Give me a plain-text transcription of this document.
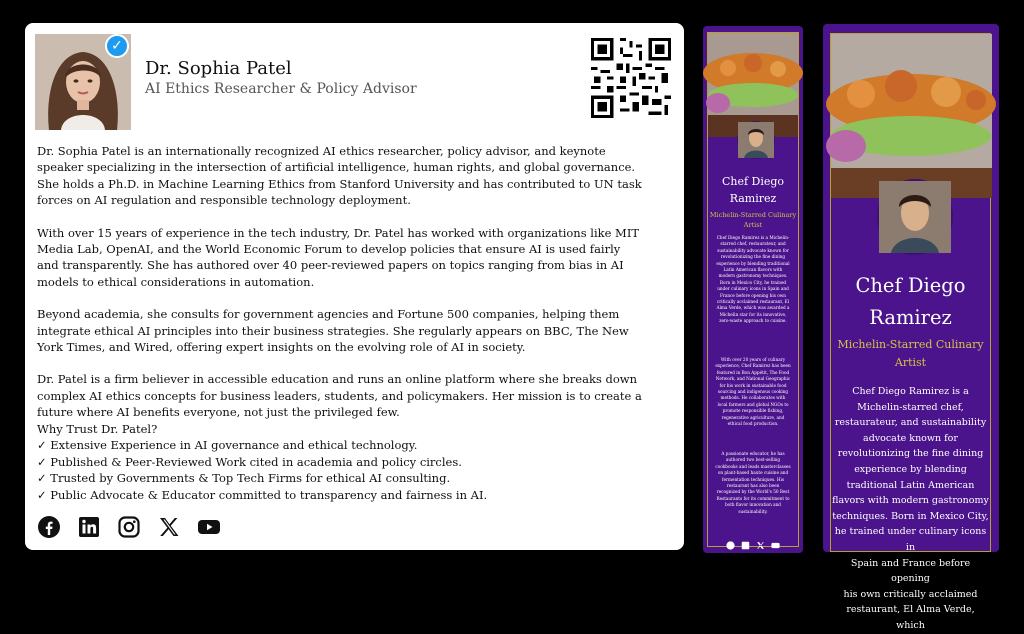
✓
Dr. Sophia Patel
AI Ethics Researcher & Policy Advisor

Dr. Sophia Patel is an internationally recognized AI ethics researcher, policy advisor, and keynote speaker specializing in the intersection of artificial intelligence, human rights, and global governance. She holds a Ph.D. in Machine Learning Ethics from Stanford University and has contributed to UN task forces on AI regulation and responsible technology deployment.

With over 15 years of experience in the tech industry, Dr. Patel has worked with organizations like MIT Media Lab, OpenAI, and the World Economic Forum to develop policies that ensure AI is used fairly and transparently. She has authored over 40 peer-reviewed papers on topics ranging from bias in AI models to ethical considerations in automation.

Beyond academia, she consults for government agencies and Fortune 500 companies, helping them integrate ethical AI principles into their business strategies. She regularly appears on BBC, The New York Times, and Wired, offering expert insights on the evolving role of AI in society.

Dr. Patel is a firm believer in accessible education and runs an online platform where she breaks down complex AI ethics concepts for business leaders, students, and policymakers. Her mission is to create a future where AI benefits everyone, not just the privileged few.

Why Trust Dr. Patel?
✓ Extensive Experience in AI governance and ethical technology.
✓ Published & Peer-Reviewed Work cited in academia and policy circles.
✓ Trusted by Governments & Top Tech Firms for ethical AI consulting.
✓ Public Advocate & Educator committed to transparency and fairness in AI.
Chef Diego
Ramirez
Michelin-Starred Culinary
Artist
Chef Diego Ramirez is a Michelin-starred chef, restaurateur, and sustainability advocate known for revolutionizing the fine dining experience by blending traditional Latin American flavors with modern gastronomy techniques. Born in Mexico City, he trained under culinary icons in Spain and France before opening his own critically acclaimed restaurant, El Alma Verde, which was awarded a Michelin star for its innovative, zero-waste approach to cuisine.
With over 20 years of culinary experience, Chef Ramirez has been featured in Bon Appétit, The Food Network, and National Geographic for his work in sustainable food sourcing and indigenous cooking methods. He collaborates with local farmers and global NGOs to promote responsible fishing, regenerative agriculture, and ethical food production.
A passionate educator, he has authored two best-selling cookbooks and leads masterclasses on plant-based haute cuisine and fermentation techniques. His restaurant has also been recognized by the World's 50 Best Restaurants for its commitment to both flavor innovation and sustainability.
Chef Diego
Ramirez
Michelin-Starred Culinary
Artist
Chef Diego Ramirez is a
Michelin-starred chef,
restaurateur, and sustainability
advocate known for
revolutionizing the fine dining
experience by blending
traditional Latin American
flavors with modern gastronomy
techniques. Born in Mexico City,
he trained under culinary icons in
Spain and France before opening
his own critically acclaimed
restaurant, El Alma Verde, which
